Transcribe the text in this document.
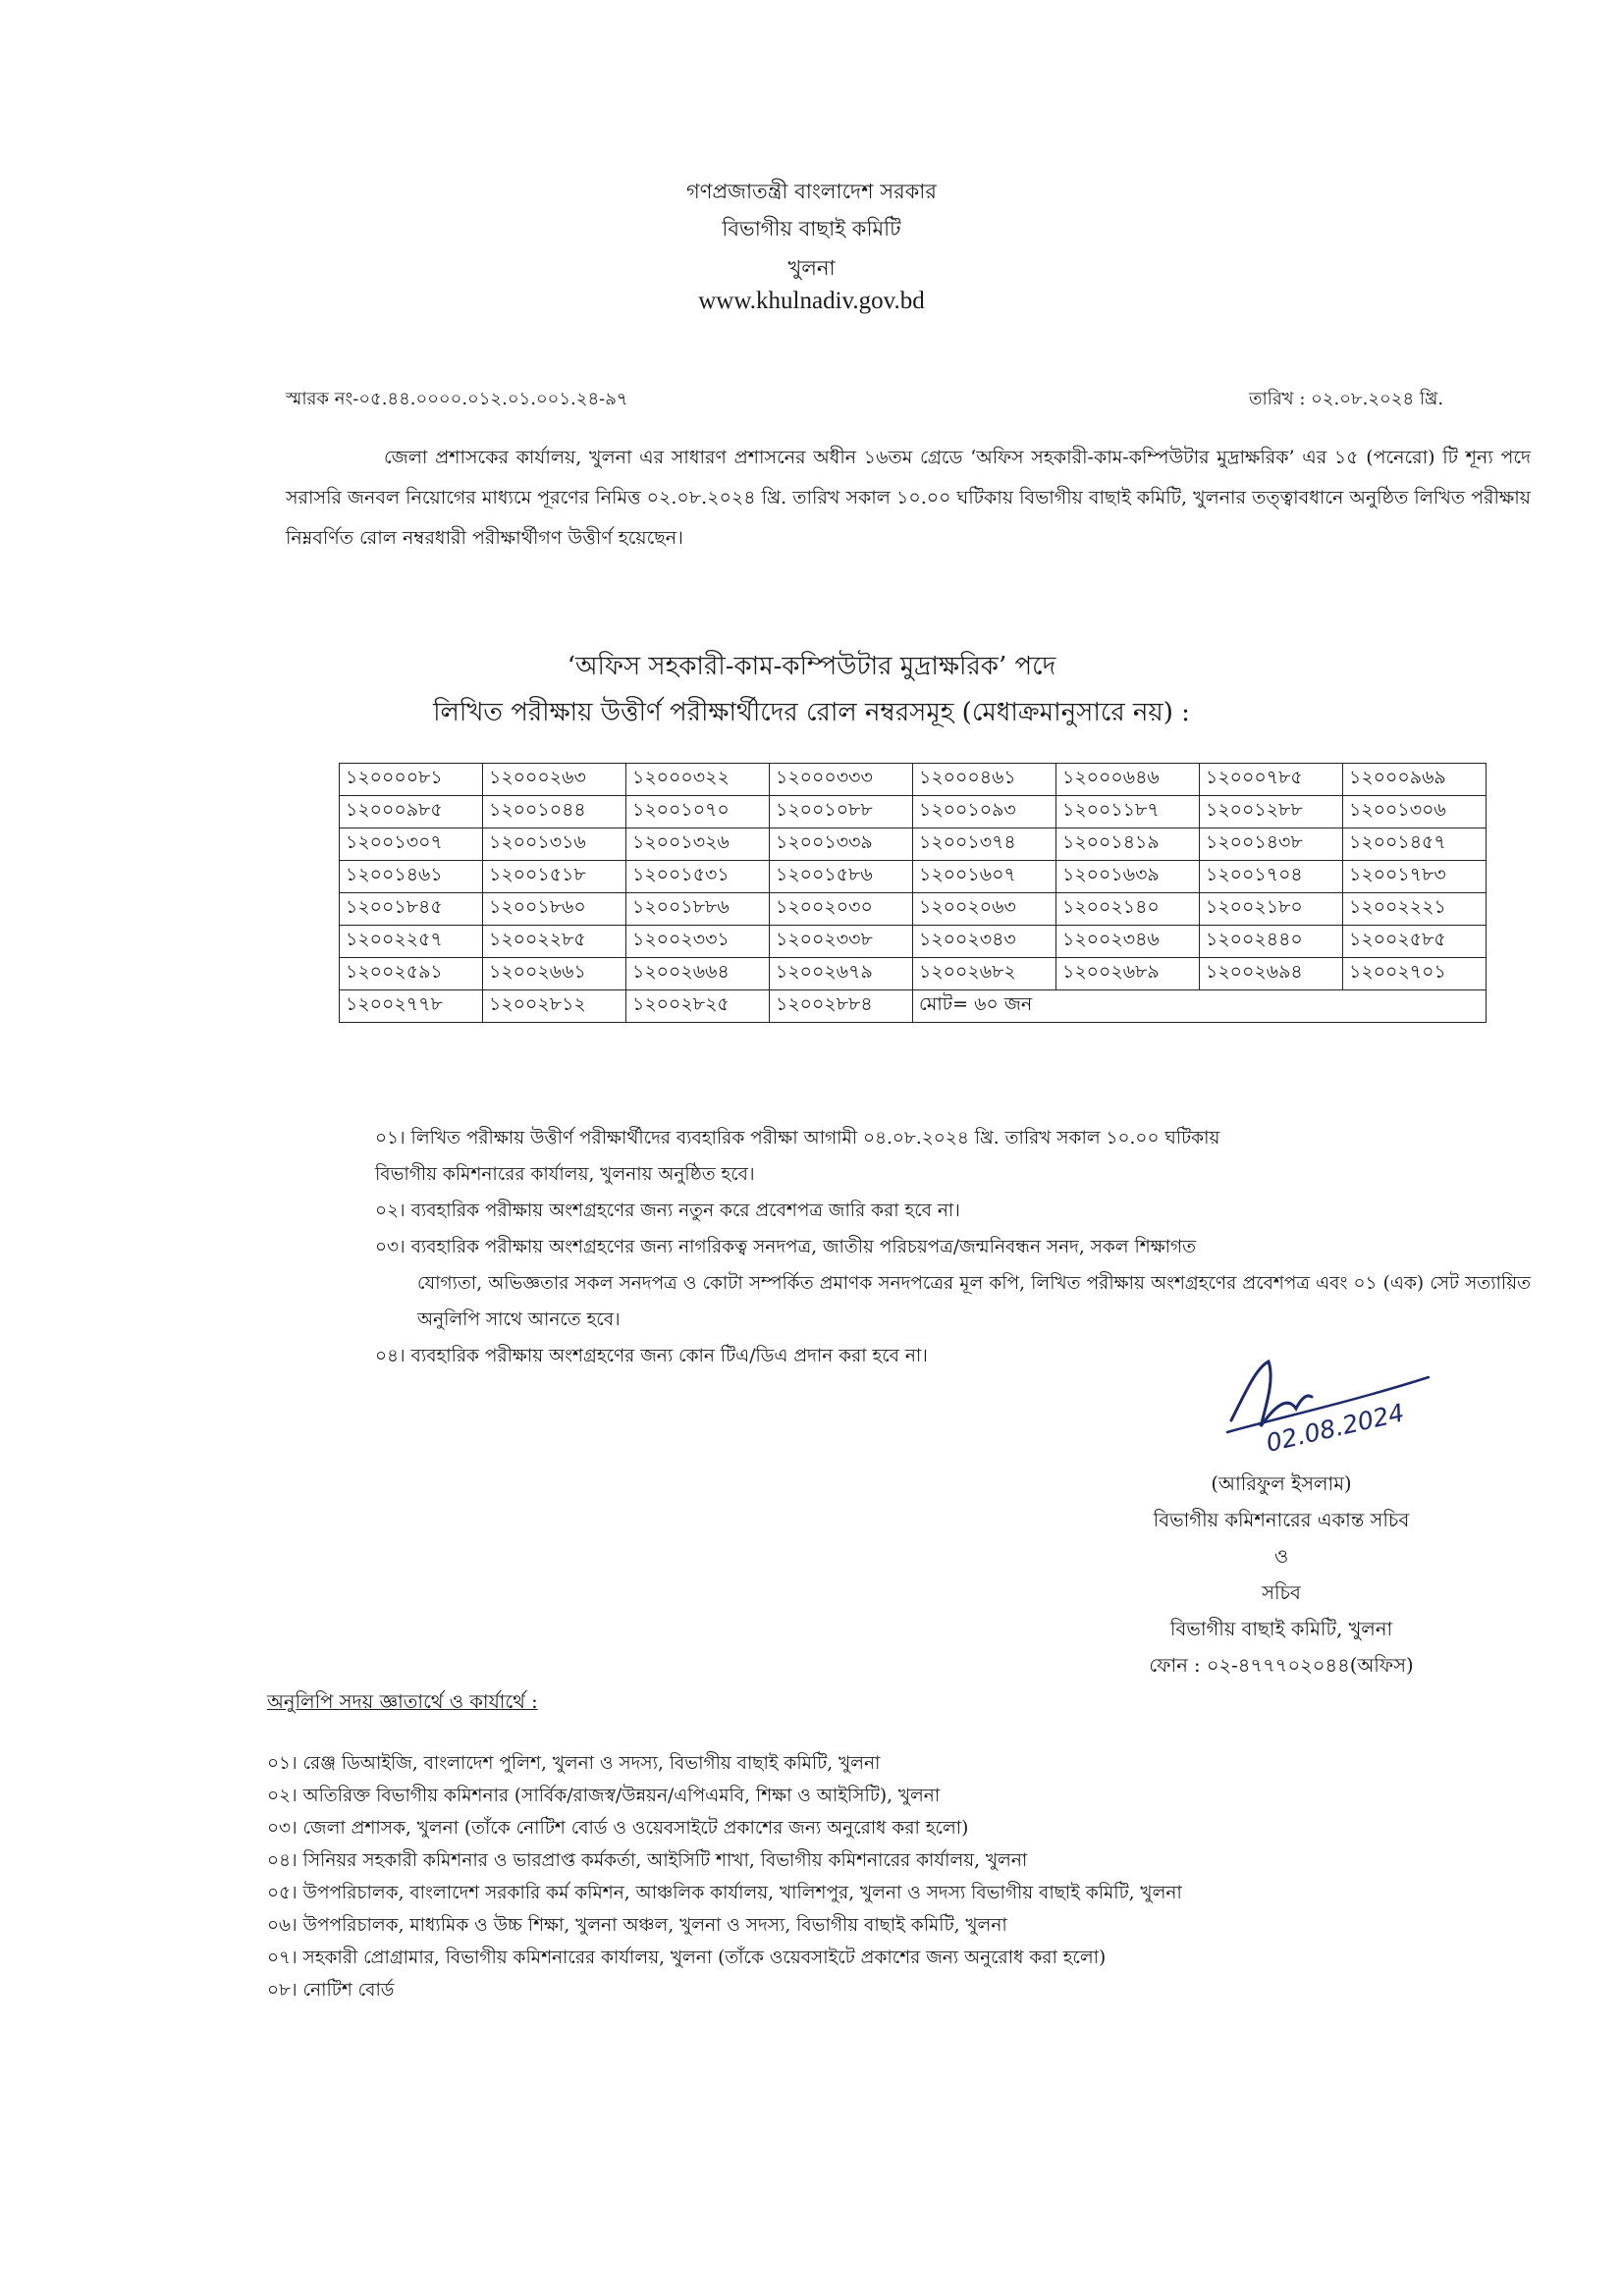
গণপ্রজাতন্ত্রী বাংলাদেশ সরকার
বিভাগীয় বাছাই কমিটি
খুলনা
www.khulnadiv.gov.bd
স্মারক নং-০৫.৪৪.০০০০.০১২.০১.০০১.২৪-৯৭	তারিখ : ০২.০৮.২০২৪ খ্রি.
জেলা প্রশাসকের কার্যালয়, খুলনা এর সাধারণ প্রশাসনের অধীন ১৬তম গ্রেডে ‘অফিস সহকারী-কাম-কম্পিউটার মুদ্রাক্ষরিক’ এর ১৫ (পনেরো) টি শূন্য পদে সরাসরি জনবল নিয়োগের মাধ্যমে পূরণের নিমিত্ত ০২.০৮.২০২৪ খ্রি. তারিখ সকাল ১০.০০ ঘটিকায় বিভাগীয় বাছাই কমিটি, খুলনার তত্ত্বাবধানে অনুষ্ঠিত লিখিত পরীক্ষায় নিম্নবর্ণিত রোল নম্বরধারী পরীক্ষার্থীগণ উত্তীর্ণ হয়েছেন।
‘অফিস সহকারী-কাম-কম্পিউটার মুদ্রাক্ষরিক’ পদে
লিখিত পরীক্ষায় উত্তীর্ণ পরীক্ষার্থীদের রোল নম্বরসমূহ (মেধাক্রমানুসারে নয়) :
১২০০০০৮১	১২০০০২৬৩	১২০০০৩২২	১২০০০৩৩৩	১২০০০৪৬১	১২০০০৬৪৬	১২০০০৭৮৫	১২০০০৯৬৯
১২০০০৯৮৫	১২০০১০৪৪	১২০০১০৭০	১২০০১০৮৮	১২০০১০৯৩	১২০০১১৮৭	১২০০১২৮৮	১২০০১৩০৬
১২০০১৩০৭	১২০০১৩১৬	১২০০১৩২৬	১২০০১৩৩৯	১২০০১৩৭৪	১২০০১৪১৯	১২০০১৪৩৮	১২০০১৪৫৭
১২০০১৪৬১	১২০০১৫১৮	১২০০১৫৩১	১২০০১৫৮৬	১২০০১৬০৭	১২০০১৬৩৯	১২০০১৭০৪	১২০০১৭৮৩
১২০০১৮৪৫	১২০০১৮৬০	১২০০১৮৮৬	১২০০২০৩০	১২০০২০৬৩	১২০০২১৪০	১২০০২১৮০	১২০০২২২১
১২০০২২৫৭	১২০০২২৮৫	১২০০২৩৩১	১২০০২৩৩৮	১২০০২৩৪৩	১২০০২৩৪৬	১২০০২৪৪০	১২০০২৫৮৫
১২০০২৫৯১	১২০০২৬৬১	১২০০২৬৬৪	১২০০২৬৭৯	১২০০২৬৮২	১২০০২৬৮৯	১২০০২৬৯৪	১২০০২৭০১
১২০০২৭৭৮	১২০০২৮১২	১২০০২৮২৫	১২০০২৮৮৪	মোট= ৬০ জন			
০১। লিখিত পরীক্ষায় উত্তীর্ণ পরীক্ষার্থীদের ব্যবহারিক পরীক্ষা আগামী ০৪.০৮.২০২৪ খ্রি. তারিখ সকাল ১০.০০ ঘটিকায়
বিভাগীয় কমিশনারের কার্যালয়, খুলনায় অনুষ্ঠিত হবে।
০২। ব্যবহারিক পরীক্ষায় অংশগ্রহণের জন্য নতুন করে প্রবেশপত্র জারি করা হবে না।
০৩। ব্যবহারিক পরীক্ষায় অংশগ্রহণের জন্য নাগরিকত্ব সনদপত্র, জাতীয় পরিচয়পত্র/জন্মনিবন্ধন সনদ, সকল শিক্ষাগত
যোগ্যতা, অভিজ্ঞতার সকল সনদপত্র ও কোটা সম্পর্কিত প্রমাণক সনদপত্রের মূল কপি, লিখিত পরীক্ষায় অংশগ্রহণের প্রবেশপত্র এবং ০১ (এক) সেট সত্যায়িত অনুলিপি সাথে আনতে হবে।
০৪। ব্যবহারিক পরীক্ষায় অংশগ্রহণের জন্য কোন টিএ/ডিএ প্রদান করা হবে না।
02.08.2024
(আরিফুল ইসলাম)
বিভাগীয় কমিশনারের একান্ত সচিব
ও
সচিব
বিভাগীয় বাছাই কমিটি, খুলনা
ফোন : ০২-৪৭৭৭০২০৪৪(অফিস)
অনুলিপি সদয় জ্ঞাতার্থে ও কার্যার্থে :
০১। রেঞ্জ ডিআইজি, বাংলাদেশ পুলিশ, খুলনা ও সদস্য, বিভাগীয় বাছাই কমিটি, খুলনা
০২। অতিরিক্ত বিভাগীয় কমিশনার (সার্বিক/রাজস্ব/উন্নয়ন/এপিএমবি, শিক্ষা ও আইসিটি), খুলনা
০৩। জেলা প্রশাসক, খুলনা (তাঁকে নোটিশ বোর্ড ও ওয়েবসাইটে প্রকাশের জন্য অনুরোধ করা হলো)
০৪। সিনিয়র সহকারী কমিশনার ও ভারপ্রাপ্ত কর্মকর্তা, আইসিটি শাখা, বিভাগীয় কমিশনারের কার্যালয়, খুলনা
০৫। উপপরিচালক, বাংলাদেশ সরকারি কর্ম কমিশন, আঞ্চলিক কার্যালয়, খালিশপুর, খুলনা ও সদস্য বিভাগীয় বাছাই কমিটি, খুলনা
০৬। উপপরিচালক, মাধ্যমিক ও উচ্চ শিক্ষা, খুলনা অঞ্চল, খুলনা ও সদস্য, বিভাগীয় বাছাই কমিটি, খুলনা
০৭। সহকারী প্রোগ্রামার, বিভাগীয় কমিশনারের কার্যালয়, খুলনা (তাঁকে ওয়েবসাইটে প্রকাশের জন্য অনুরোধ করা হলো)
০৮। নোটিশ বোর্ড
